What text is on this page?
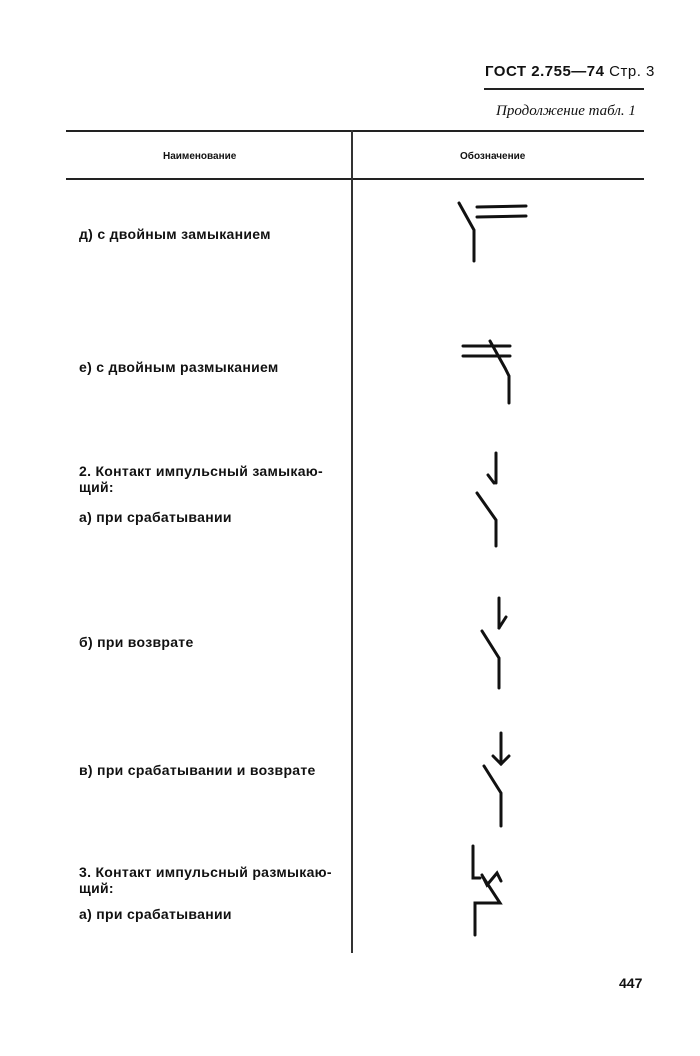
ГОСТ 2.755—74 Стр. 3
Продолжение табл. 1
Наименование	Обозначение
д) с двойным замыканием
е) с двойным размыканием
2. Контакт импульсный замыкаю-
щий:
а) при срабатывании
б) при возврате
в) при срабатывании и возврате
3. Контакт импульсный размыкаю-
щий:
а) при срабатывании
447
